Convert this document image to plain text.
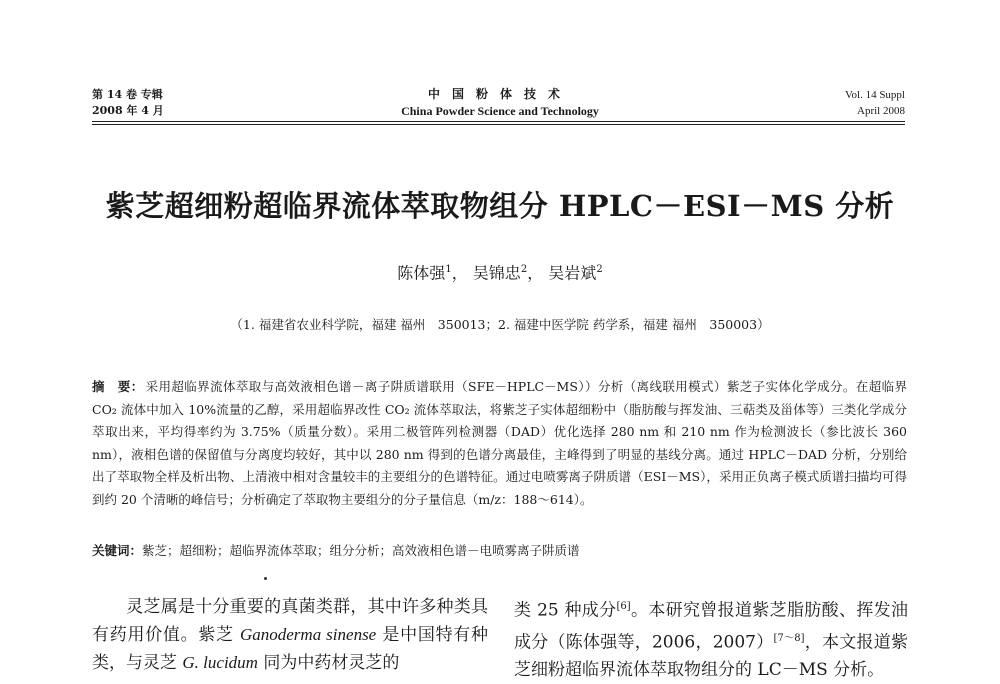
第 14 卷 专辑
2008 年 4 月
中国粉体技术
China Powder Science and Technology
Vol. 14 Suppl
April 2008
紫芝超细粉超临界流体萃取物组分 HPLC－ESI－MS 分析
陈体强$^1$， 吴锦忠$^2$， 吴岩斌$^2$
（1. 福建省农业科学院，福建 福州　350013；2. 福建中医学院 药学系，福建 福州　350003）
摘　要： 采用超临界流体萃取与高效液相色谱－离子阱质谱联用（SFE－HPLC－MS））分析（离线联用模式）紫芝子实体化学成分。在超临界 CO₂ 流体中加入 10%流量的乙醇，采用超临界改性 CO₂ 流体萃取法，将紫芝子实体超细粉中（脂肪酸与挥发油、三萜类及甾体等）三类化学成分萃取出来，平均得率约为 3.75%（质量分数）。采用二极管阵列检测器（DAD）优化选择 280 nm 和 210 nm 作为检测波长（参比波长 360 nm），液相色谱的保留值与分离度均较好，其中以 280 nm 得到的色谱分离最佳，主峰得到了明显的基线分离。通过 HPLC－DAD 分析，分别给出了萃取物全样及析出物、上清液中相对含量较丰的主要组分的色谱特征。通过电喷雾离子阱质谱（ESI－MS），采用正负离子模式质谱扫描均可得到约 20 个清晰的峰信号；分析确定了萃取物主要组分的分子量信息（m/z：188～614）。
关键词：紫芝；超细粉；超临界流体萃取；组分分析；高效液相色谱－电喷雾离子阱质谱
灵芝属是十分重要的真菌类群，其中许多种类具有药用价值。紫芝 Ganoderma sinense 是中国特有种类，与灵芝 G. lucidum 同为中药材灵芝的
类 25 种成分[6]。本研究曾报道紫芝脂肪酸、挥发油成分（陈体强等，2006，2007）[7～8]，本文报道紫芝细粉超临界流体萃取物组分的 LC－MS 分析。
